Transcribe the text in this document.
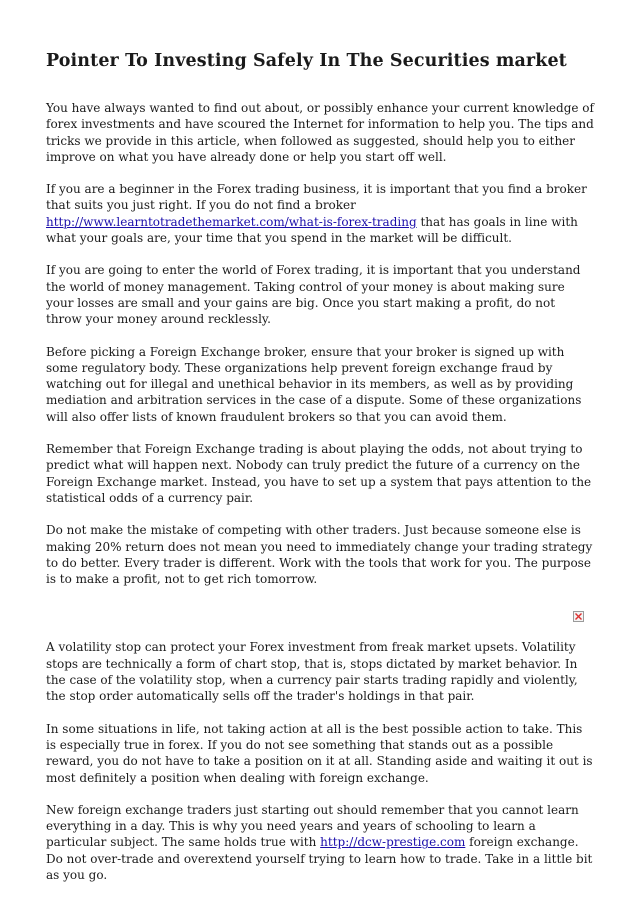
Pointer To Investing Safely In The Securities market

You have always wanted to find out about, or possibly enhance your current knowledge of forex investments and have scoured the Internet for information to help you. The tips and tricks we provide in this article, when followed as suggested, should help you to either improve on what you have already done or help you start off well.

If you are a beginner in the Forex trading business, it is important that you find a broker that suits you just right. If you do not find a broker http://www.learntotradethemarket.com/what-is-forex-trading that has goals in line with what your goals are, your time that you spend in the market will be difficult.

If you are going to enter the world of Forex trading, it is important that you understand the world of money management. Taking control of your money is about making sure your losses are small and your gains are big. Once you start making a profit, do not throw your money around recklessly.

Before picking a Foreign Exchange broker, ensure that your broker is signed up with some regulatory body. These organizations help prevent foreign exchange fraud by watching out for illegal and unethical behavior in its members, as well as by providing mediation and arbitration services in the case of a dispute. Some of these organizations will also offer lists of known fraudulent brokers so that you can avoid them.

Remember that Foreign Exchange trading is about playing the odds, not about trying to predict what will happen next. Nobody can truly predict the future of a currency on the Foreign Exchange market. Instead, you have to set up a system that pays attention to the statistical odds of a currency pair.

Do not make the mistake of competing with other traders. Just because someone else is making 20% return does not mean you need to immediately change your trading strategy to do better. Every trader is different. Work with the tools that work for you. The purpose is to make a profit, not to get rich tomorrow.

A volatility stop can protect your Forex investment from freak market upsets. Volatility stops are technically a form of chart stop, that is, stops dictated by market behavior. In the case of the volatility stop, when a currency pair starts trading rapidly and violently, the stop order automatically sells off the trader's holdings in that pair.

In some situations in life, not taking action at all is the best possible action to take. This is especially true in forex. If you do not see something that stands out as a possible reward, you do not have to take a position on it at all. Standing aside and waiting it out is most definitely a position when dealing with foreign exchange.

New foreign exchange traders just starting out should remember that you cannot learn everything in a day. This is why you need years and years of schooling to learn a particular subject. The same holds true with http://dcw-prestige.com foreign exchange. Do not over-trade and overextend yourself trying to learn how to trade. Take in a little bit as you go.
